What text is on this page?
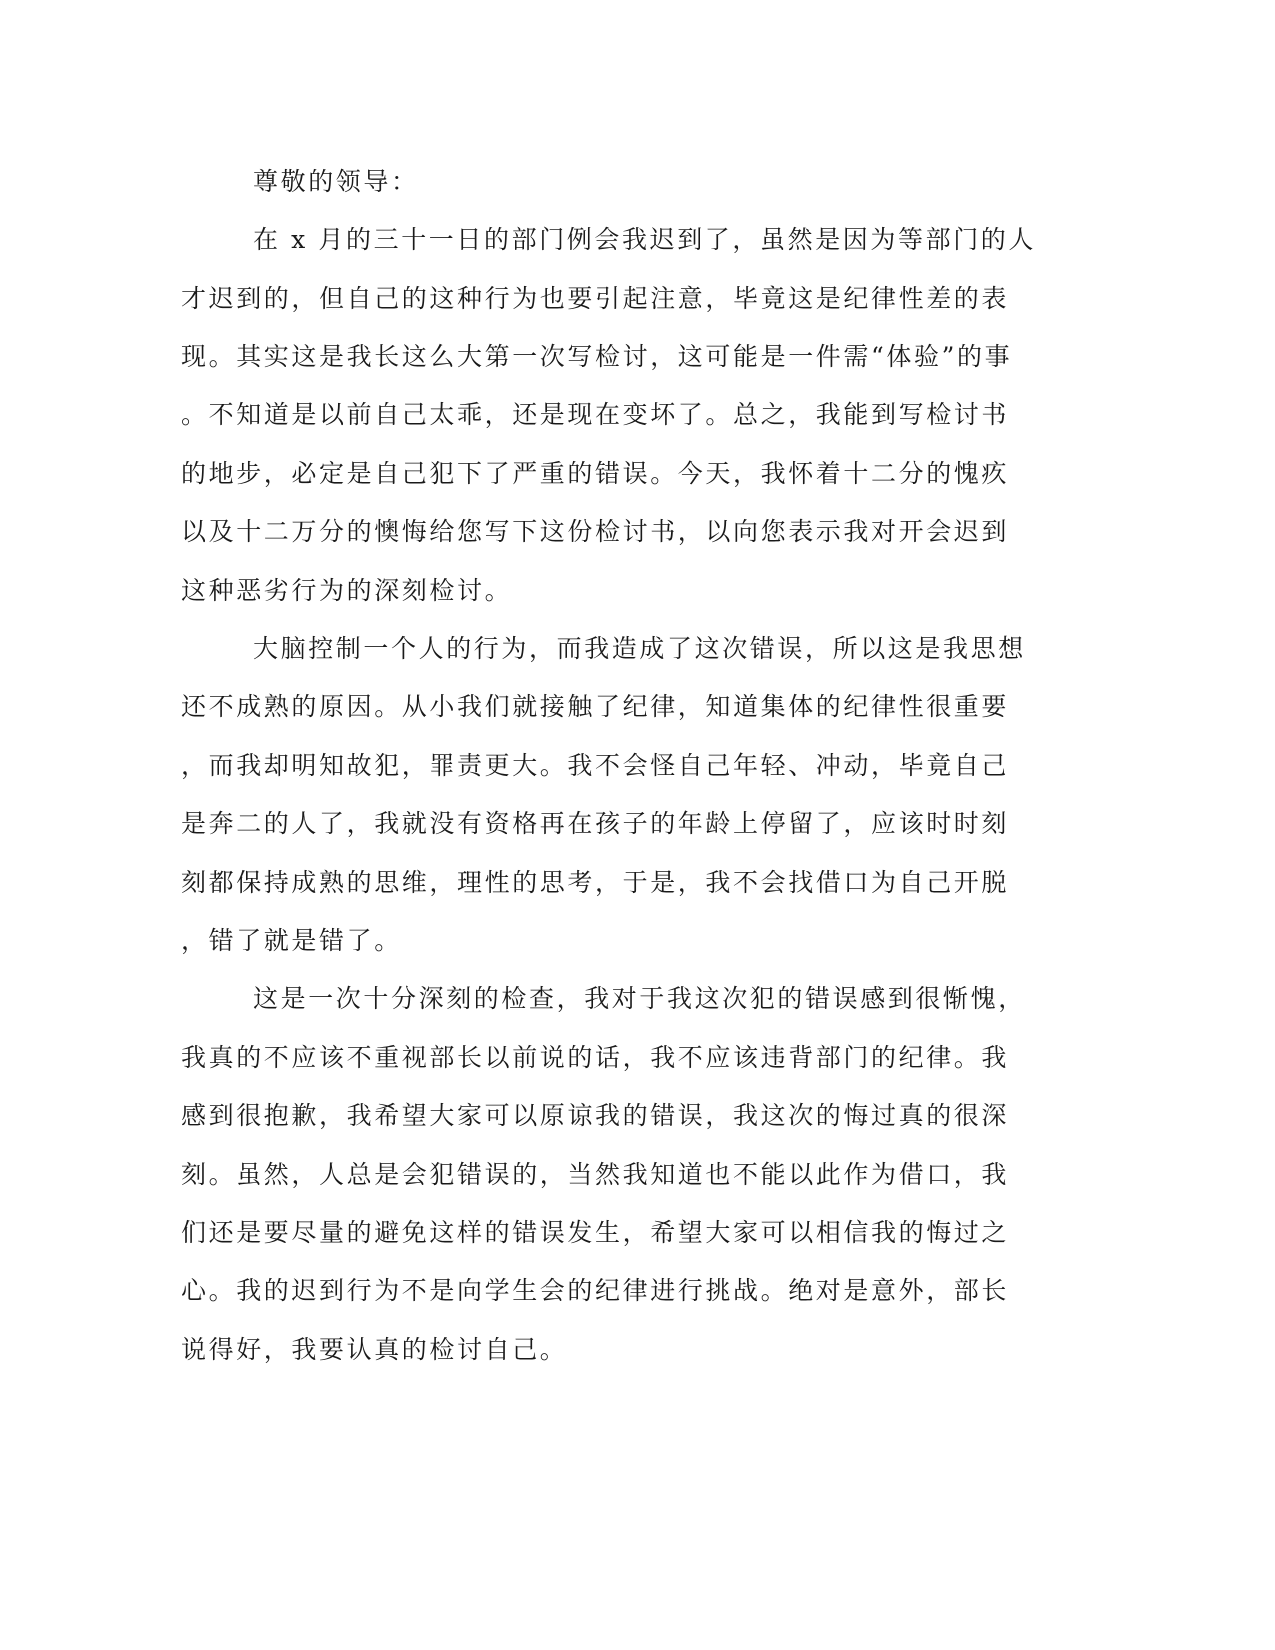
尊敬的领导：
在 x 月的三十一日的部门例会我迟到了，虽然是因为等部门的人
才迟到的，但自己的这种行为也要引起注意，毕竟这是纪律性差的表
现。其实这是我长这么大第一次写检讨，这可能是一件需“体验”的事
。不知道是以前自己太乖，还是现在变坏了。总之，我能到写检讨书
的地步，必定是自己犯下了严重的错误。今天，我怀着十二分的愧疚
以及十二万分的懊悔给您写下这份检讨书，以向您表示我对开会迟到
这种恶劣行为的深刻检讨。
大脑控制一个人的行为，而我造成了这次错误，所以这是我思想
还不成熟的原因。从小我们就接触了纪律，知道集体的纪律性很重要
，而我却明知故犯，罪责更大。我不会怪自己年轻、冲动，毕竟自己
是奔二的人了，我就没有资格再在孩子的年龄上停留了，应该时时刻
刻都保持成熟的思维，理性的思考，于是，我不会找借口为自己开脱
，错了就是错了。
这是一次十分深刻的检查，我对于我这次犯的错误感到很惭愧，
我真的不应该不重视部长以前说的话，我不应该违背部门的纪律。我
感到很抱歉，我希望大家可以原谅我的错误，我这次的悔过真的很深
刻。虽然，人总是会犯错误的，当然我知道也不能以此作为借口，我
们还是要尽量的避免这样的错误发生，希望大家可以相信我的悔过之
心。我的迟到行为不是向学生会的纪律进行挑战。绝对是意外，部长
说得好，我要认真的检讨自己。
